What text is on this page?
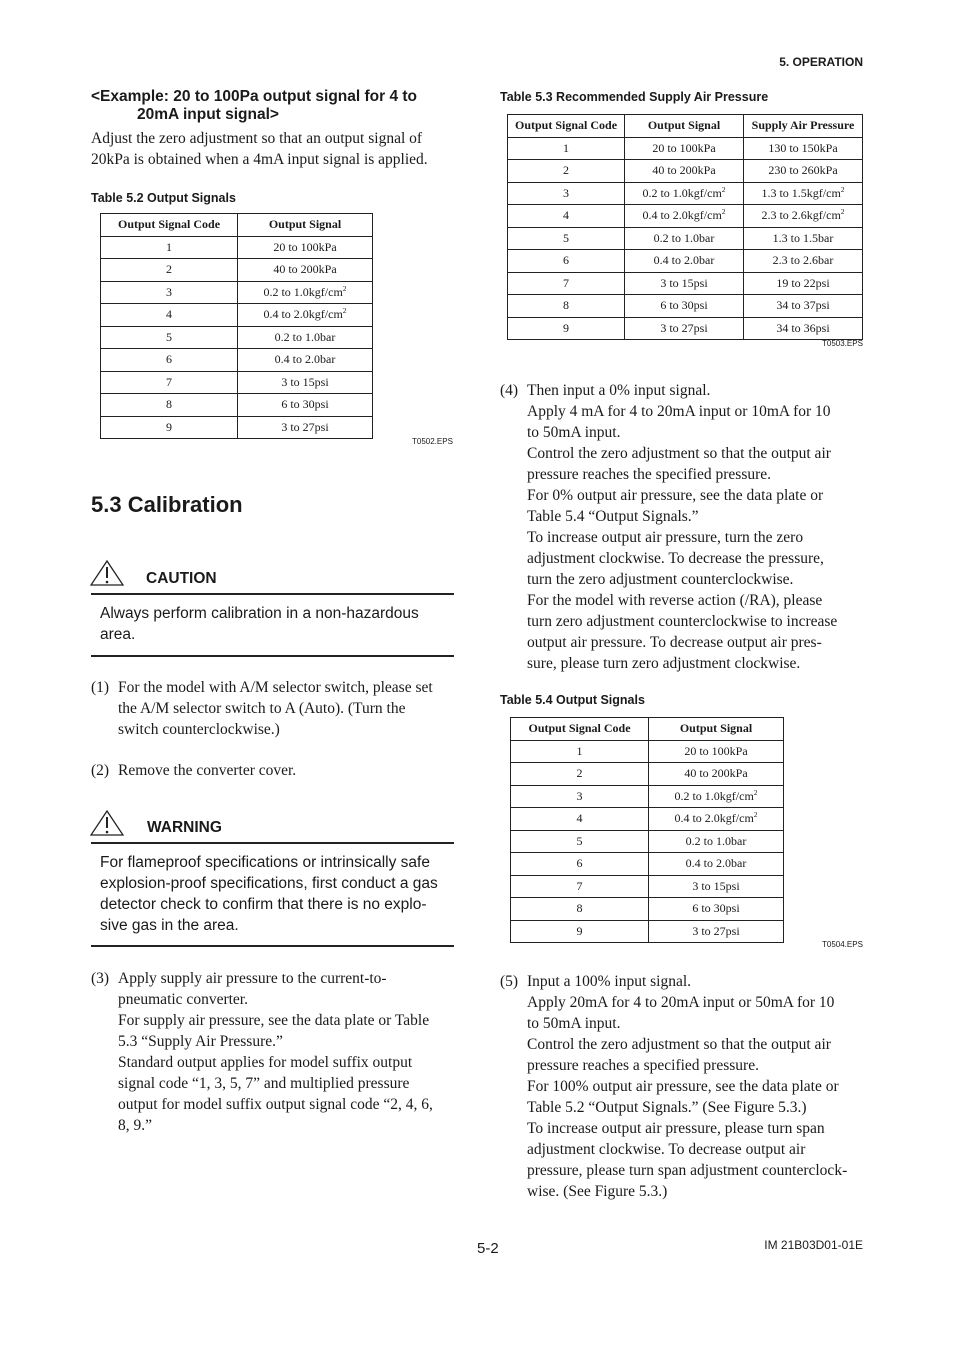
5. OPERATION
<Example: 20 to 100Pa output signal for 4 to
20mA input signal>
Adjust the zero adjustment so that an output signal of
20kPa is obtained when a 4mA input signal is applied.
Table 5.2 Output Signals
Output Signal Code	Output Signal
1	20 to 100kPa
2	40 to 200kPa
3	0.2 to $1.0kgf/cm^2$
4	0.4 to $2.0kgf/cm^2$
5	0.2 to 1.0bar
6	0.4 to 2.0bar
7	3 to 15psi
8	6 to 30psi
9	3 to 27psi
T0502.EPS
5.3 Calibration
CAUTION
Always perform calibration in a non-hazardous
area.
(1) For the model with A/M selector switch, please set
the A/M selector switch to A (Auto). (Turn the
switch counterclockwise.)
(2) Remove the converter cover.
WARNING
For flameproof specifications or intrinsically safe
explosion-proof specifications, first conduct a gas
detector check to confirm that there is no explo-
sive gas in the area.
(3) Apply supply air pressure to the current-to-
pneumatic converter.
For supply air pressure, see the data plate or Table
5.3 “Supply Air Pressure.”
Standard output applies for model suffix output
signal code “1, 3, 5, 7” and multiplied pressure
output for model suffix output signal code “2, 4, 6,
8, 9.”
Table 5.3 Recommended Supply Air Pressure
Output Signal Code	Output Signal	Supply Air Pressure
1	20 to 100kPa	130 to 150kPa
2	40 to 200kPa	230 to 260kPa
3	0.2 to $1.0kgf/cm^2$	1.3 to $1.5kgf/cm^2$
4	0.4 to $2.0kgf/cm^2$	2.3 to $2.6kgf/cm^2$
5	0.2 to 1.0bar	1.3 to 1.5bar
6	0.4 to 2.0bar	2.3 to 2.6bar
7	3 to 15psi	19 to 22psi
8	6 to 30psi	34 to 37psi
9	3 to 27psi	34 to 36psi
T0503.EPS
(4) Then input a 0% input signal.
Apply 4 mA for 4 to 20mA input or 10mA for 10
to 50mA input.
Control the zero adjustment so that the output air
pressure reaches the specified pressure.
For 0% output air pressure, see the data plate or
Table 5.4 “Output Signals.”
To increase output air pressure, turn the zero
adjustment clockwise. To decrease the pressure,
turn the zero adjustment counterclockwise.
For the model with reverse action (/RA), please
turn zero adjustment counterclockwise to increase
output air pressure. To decrease output air pres-
sure, please turn zero adjustment clockwise.
Table 5.4 Output Signals
Output Signal Code	Output Signal
1	20 to 100kPa
2	40 to 200kPa
3	0.2 to $1.0kgf/cm^2$
4	0.4 to $2.0kgf/cm^2$
5	0.2 to 1.0bar
6	0.4 to 2.0bar
7	3 to 15psi
8	6 to 30psi
9	3 to 27psi
T0504.EPS
(5) Input a 100% input signal.
Apply 20mA for 4 to 20mA input or 50mA for 10
to 50mA input.
Control the zero adjustment so that the output air
pressure reaches a specified pressure.
For 100% output air pressure, see the data plate or
Table 5.2 “Output Signals.” (See Figure 5.3.)
To increase output air pressure, please turn span
adjustment clockwise. To decrease output air
pressure, please turn span adjustment counterclock-
wise. (See Figure 5.3.)
5-2	IM 21B03D01-01E
